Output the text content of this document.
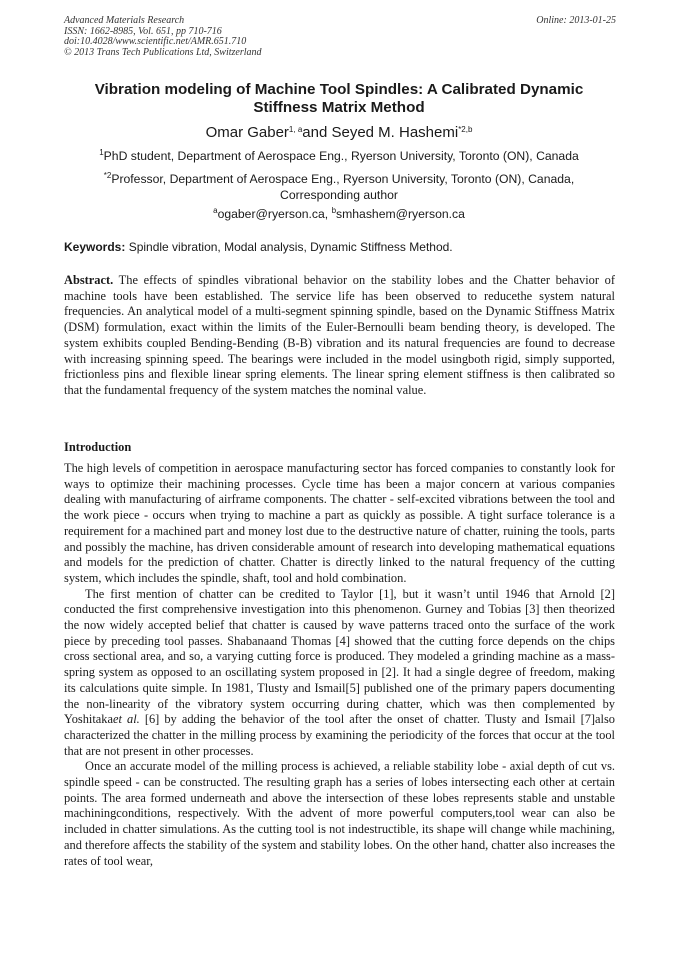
Advanced Materials Research
ISSN: 1662-8985, Vol. 651, pp 710-716
doi:10.4028/www.scientific.net/AMR.651.710
© 2013 Trans Tech Publications Ltd, Switzerland
Online: 2013-01-25
Vibration modeling of Machine Tool Spindles: A Calibrated Dynamic Stiffness Matrix Method
Omar Gaber$^{1, a}$and Seyed M. Hashemi$^{*2,b}$
$^1$PhD student, Department of Aerospace Eng., Ryerson University, Toronto (ON), Canada
$^{*2}$Professor, Department of Aerospace Eng., Ryerson University, Toronto (ON), Canada, Corresponding author
$^a$ogaber@ryerson.ca, $^b$smhashem@ryerson.ca
Keywords: Spindle vibration, Modal analysis, Dynamic Stiffness Method.
Abstract. The effects of spindles vibrational behavior on the stability lobes and the Chatter behavior of machine tools have been established. The service life has been observed to reducethe system natural frequencies. An analytical model of a multi-segment spinning spindle, based on the Dynamic Stiffness Matrix (DSM) formulation, exact within the limits of the Euler-Bernoulli beam bending theory, is developed. The system exhibits coupled Bending-Bending (B-B) vibration and its natural frequencies are found to decrease with increasing spinning speed. The bearings were included in the model usingboth rigid, simply supported, frictionless pins and flexible linear spring elements. The linear spring element stiffness is then calibrated so that the fundamental frequency of the system matches the nominal value.
Introduction

The high levels of competition in aerospace manufacturing sector has forced companies to constantly look for ways to optimize their machining processes. Cycle time has been a major concern at various companies dealing with manufacturing of airframe components. The chatter - self-excited vibrations between the tool and the work piece - occurs when trying to machine a part as quickly as possible. A tight surface tolerance is a requirement for a machined part and money lost due to the destructive nature of chatter, ruining the tools, parts and possibly the machine, has driven considerable amount of research into developing mathematical equations and models for the prediction of chatter. Chatter is directly linked to the natural frequency of the cutting system, which includes the spindle, shaft, tool and hold combination.

The first mention of chatter can be credited to Taylor [1], but it wasn’t until 1946 that Arnold [2] conducted the first comprehensive investigation into this phenomenon. Gurney and Tobias [3] then theorized the now widely accepted belief that chatter is caused by wave patterns traced onto the surface of the work piece by preceding tool passes. Shabanaand Thomas [4] showed that the cutting force depends on the chips cross sectional area, and so, a varying cutting force is produced. They modeled a grinding machine as a mass-spring system as opposed to an oscillating system proposed in [2]. It had a single degree of freedom, making its calculations quite simple. In 1981, Tlusty and Ismail[5] published one of the primary papers documenting the non-linearity of the vibratory system occurring during chatter, which was then complemented by Yoshitakaet al. [6] by adding the behavior of the tool after the onset of chatter. Tlusty and Ismail [7]also characterized the chatter in the milling process by examining the periodicity of the forces that occur at the tool that are not present in other processes.

Once an accurate model of the milling process is achieved, a reliable stability lobe - axial depth of cut vs. spindle speed - can be constructed. The resulting graph has a series of lobes intersecting each other at certain points. The area formed underneath and above the intersection of these lobes represents stable and unstable machiningconditions, respectively. With the advent of more powerful computers,tool wear can also be included in chatter simulations. As the cutting tool is not indestructible, its shape will change while machining, and therefore affects the stability of the system and stability lobes. On the other hand, chatter also increases the rates of tool wear,
